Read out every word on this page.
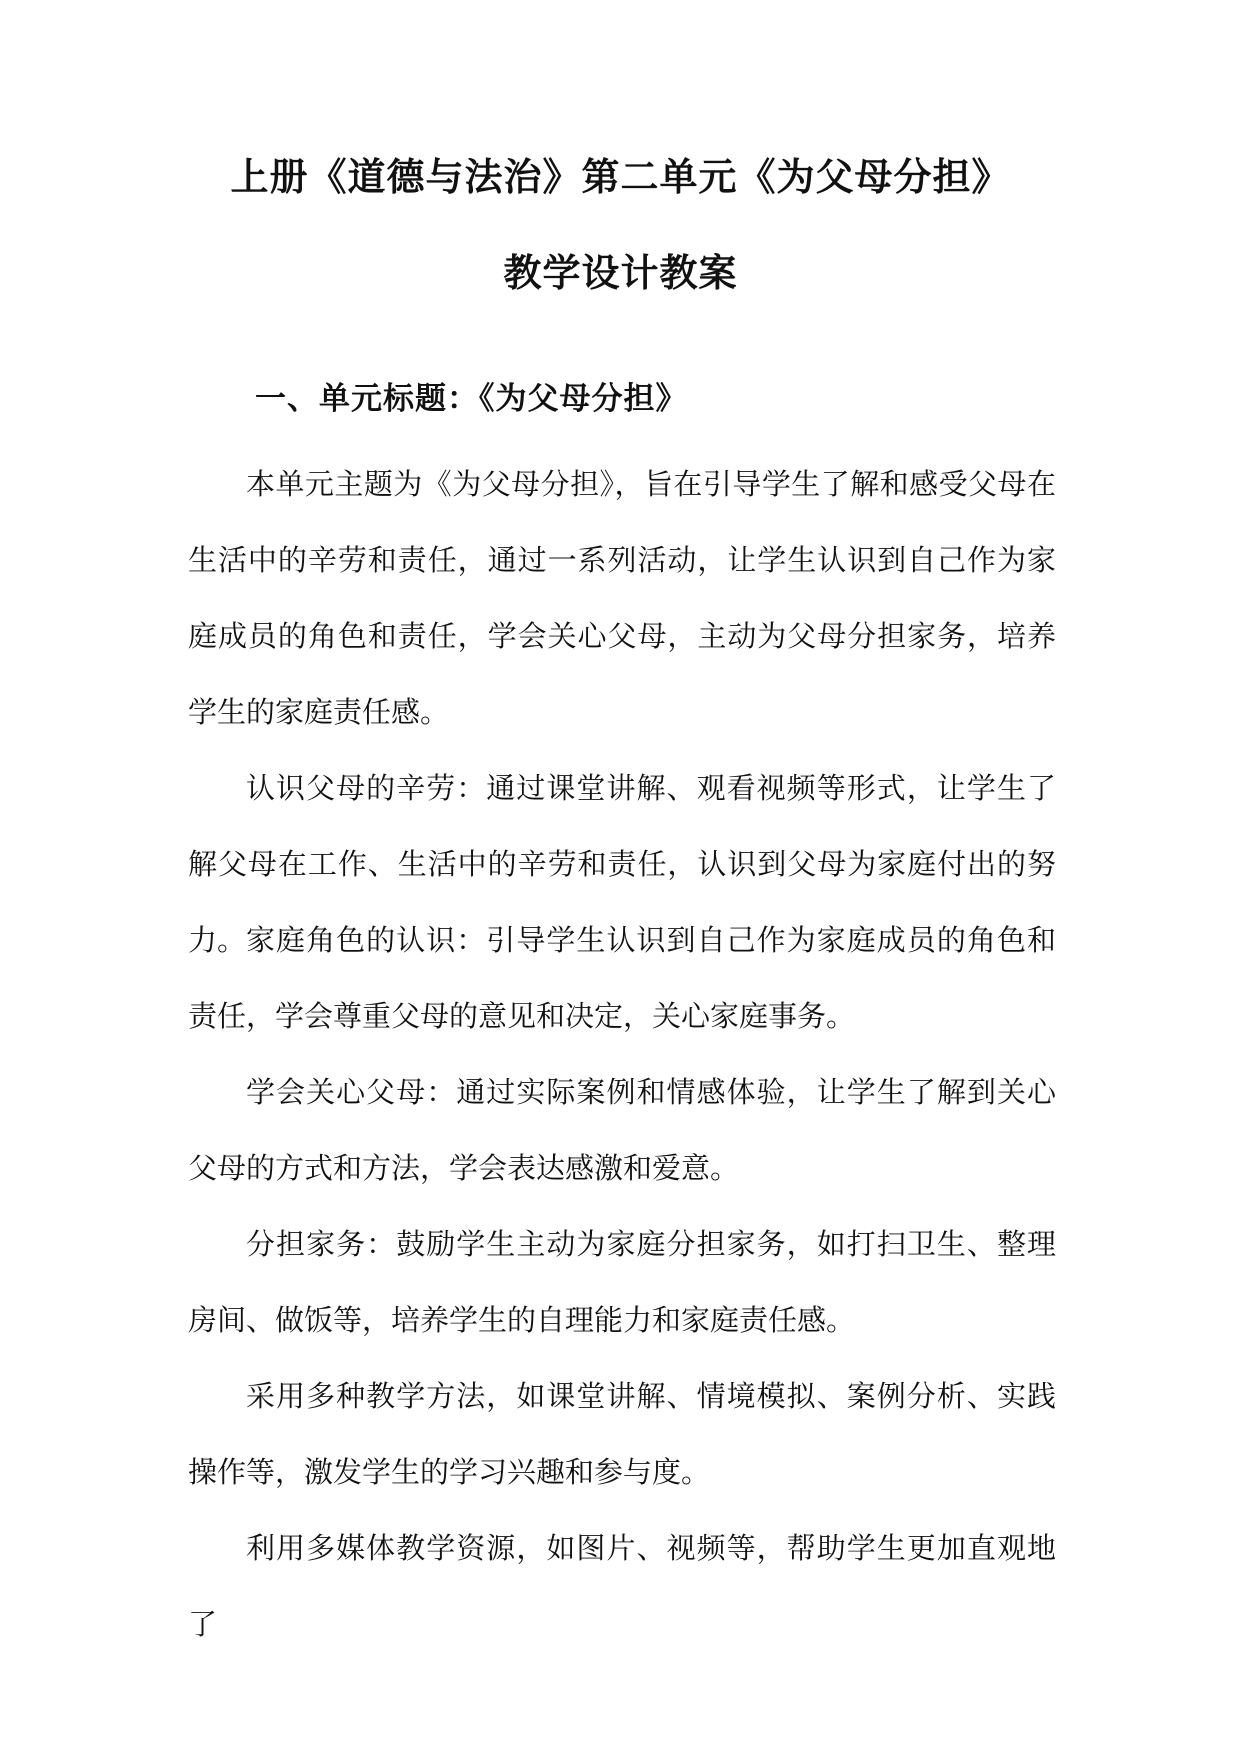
上册《道德与法治》第二单元《为父母分担》
教学设计教案
一、单元标题：《为父母分担》
本单元主题为《为父母分担》，旨在引导学生了解和感受父母在生活中的辛劳和责任，通过一系列活动，让学生认识到自己作为家庭成员的角色和责任，学会关心父母，主动为父母分担家务，培养学生的家庭责任感。
认识父母的辛劳：通过课堂讲解、观看视频等形式，让学生了解父母在工作、生活中的辛劳和责任，认识到父母为家庭付出的努力。 家庭角色的认识：引导学生认识到自己作为家庭成员的角色和责任，学会尊重父母的意见和决定，关心家庭事务。
学会关心父母：通过实际案例和情感体验，让学生了解到关心父母的方式和方法，学会表达感激和爱意。
分担家务：鼓励学生主动为家庭分担家务，如打扫卫生、整理房间、做饭等，培养学生的自理能力和家庭责任感。
采用多种教学方法，如课堂讲解、情境模拟、案例分析、实践操作等，激发学生的学习兴趣和参与度。
利用多媒体教学资源，如图片、视频等，帮助学生更加直观地了
